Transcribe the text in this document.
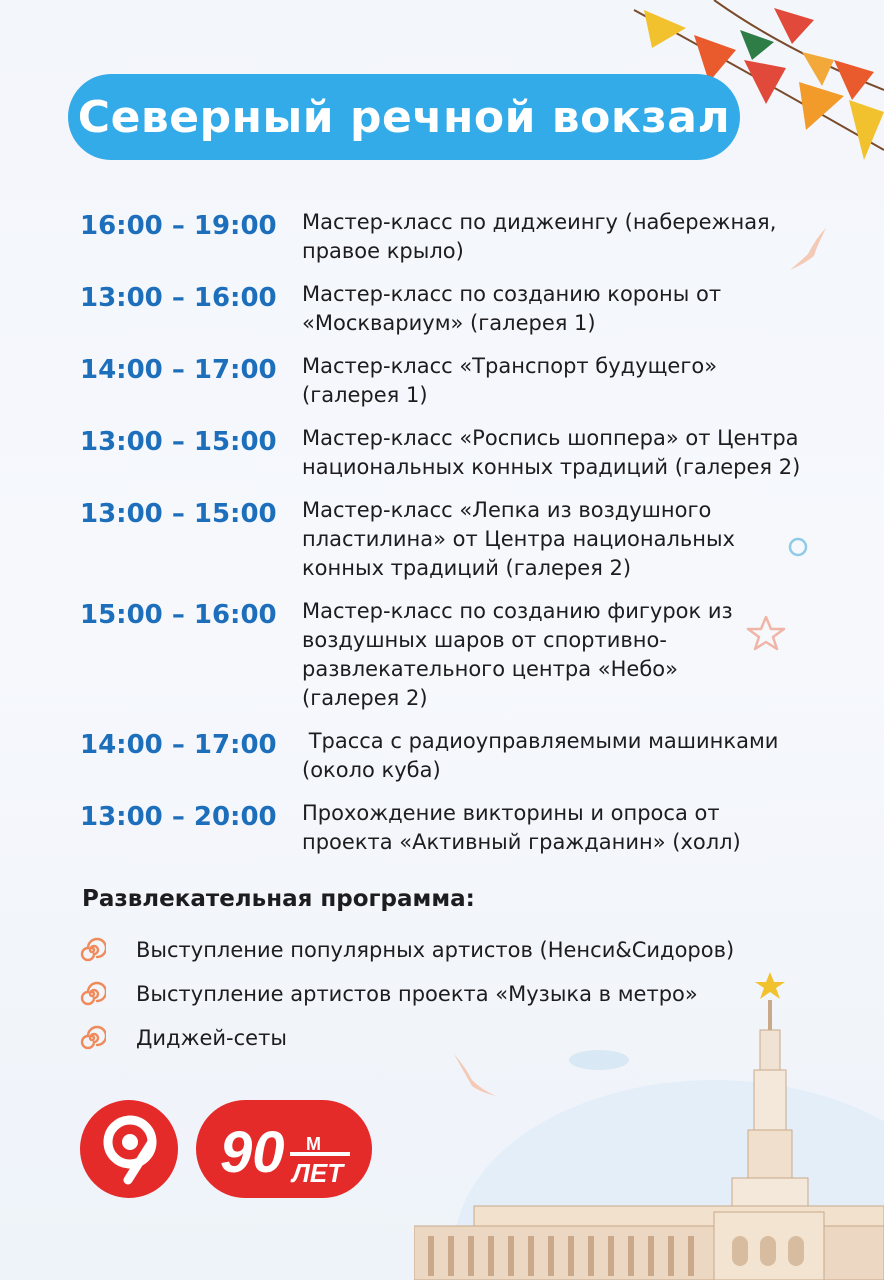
Северный речной вокзал
16:00 – 19:00	Мастер-класс по диджеингу (набережная, правое крыло)
13:00 – 16:00	Мастер-класс по созданию короны от «Москвариум» (галерея 1)
14:00 – 17:00	Мастер-класс «Транспорт будущего» (галерея 1)
13:00 – 15:00	Мастер-класс «Роспись шоппера» от Центра национальных конных традиций (галерея 2)
13:00 – 15:00	Мастер-класс «Лепка из воздушного пластилина» от Центра национальных конных традиций (галерея 2)
15:00 – 16:00	Мастер-класс по созданию фигурок из воздушных шаров от спортивно-развлекательного центра «Небо» (галерея 2)
14:00 – 17:00	Трасса с радиоуправляемыми машинками (около куба)
13:00 – 20:00	Прохождение викторины и опроса от проекта «Активный гражданин» (холл)
Развлекательная программа:
Выступление популярных артистов (Ненси&Сидоров)
Выступление артистов проекта «Музыка в метро»
Диджей-сеты
90 М
ЛЕТ
